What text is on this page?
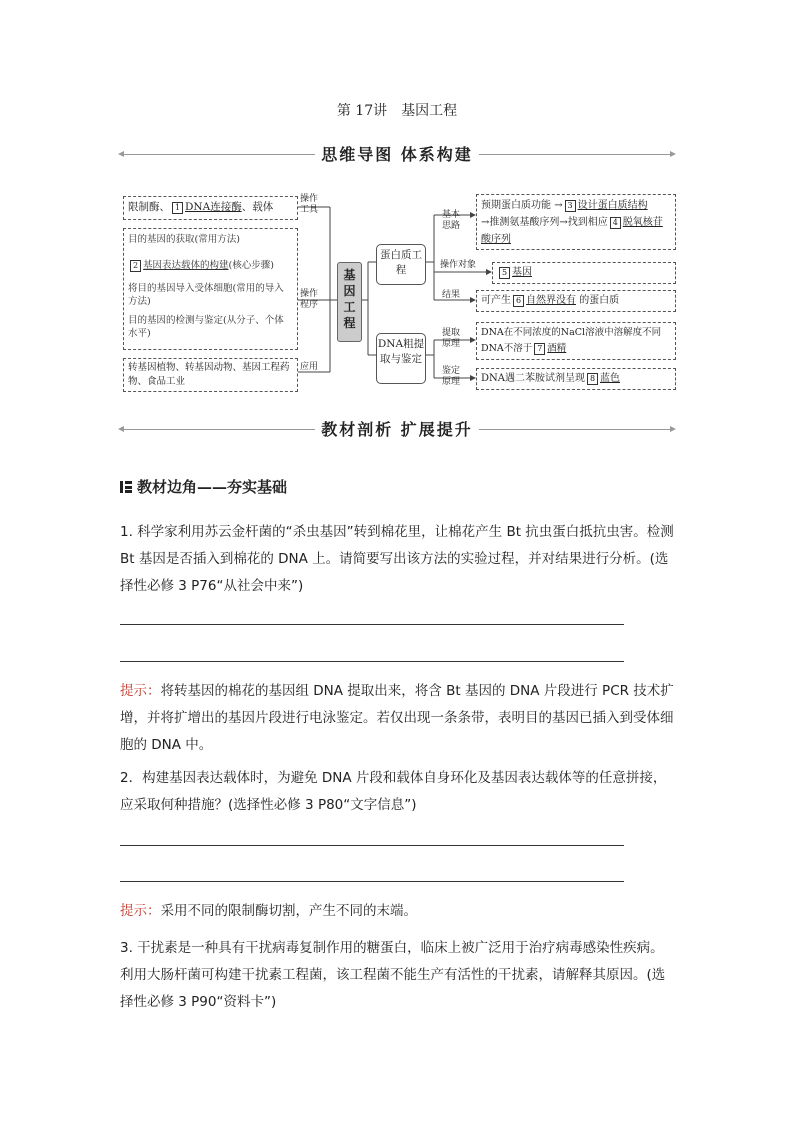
第 17讲　基因工程
思维导图 体系构建
限制酶、 1 DNA连接酶、载体
操作工具
目的基因的获取(常用方法)
2 基因表达载体的构建(核心步骤)
将目的基因导入受体细胞(常用的导入方法)
目的基因的检测与鉴定(从分子、个体水平)
操作程序
转基因植物、转基因动物、基因工程药物、食品工业
应用
基因工程
蛋白质工程
DNA粗提取与鉴定
基本思路
操作对象
结果
提取原理
鉴定原理
预期蛋白质功能 → 3 设计蛋白质结构
→推测氨基酸序列→找到相应 4 脱氧核苷酸序列
5 基因
可产生 6 自然界没有 的蛋白质
DNA在不同浓度的NaCl溶液中溶解度不同
DNA不溶于 7 酒精
DNA遇二苯胺试剂呈现 8 蓝色
教材剖析 扩展提升
教材边角——夯实基础
1. 科学家利用苏云金杆菌的“杀虫基因”转到棉花里，让棉花产生 Bt 抗虫蛋白抵抗虫害。检测 Bt 基因是否插入到棉花的 DNA 上。请简要写出该方法的实验过程，并对结果进行分析。(选择性必修 3 P76“从社会中来”)
提示：将转基因的棉花的基因组 DNA 提取出来，将含 Bt 基因的 DNA 片段进行 PCR 技术扩增，并将扩增出的基因片段进行电泳鉴定。若仅出现一条条带，表明目的基因已插入到受体细胞的 DNA 中。
2．构建基因表达载体时，为避免 DNA 片段和载体自身环化及基因表达载体等的任意拼接，应采取何种措施？(选择性必修 3 P80“文字信息”)
提示：采用不同的限制酶切割，产生不同的末端。
3. 干扰素是一种具有干扰病毒复制作用的糖蛋白，临床上被广泛用于治疗病毒感染性疾病。利用大肠杆菌可构建干扰素工程菌，该工程菌不能生产有活性的干扰素，请解释其原因。(选择性必修 3 P90“资料卡”)
